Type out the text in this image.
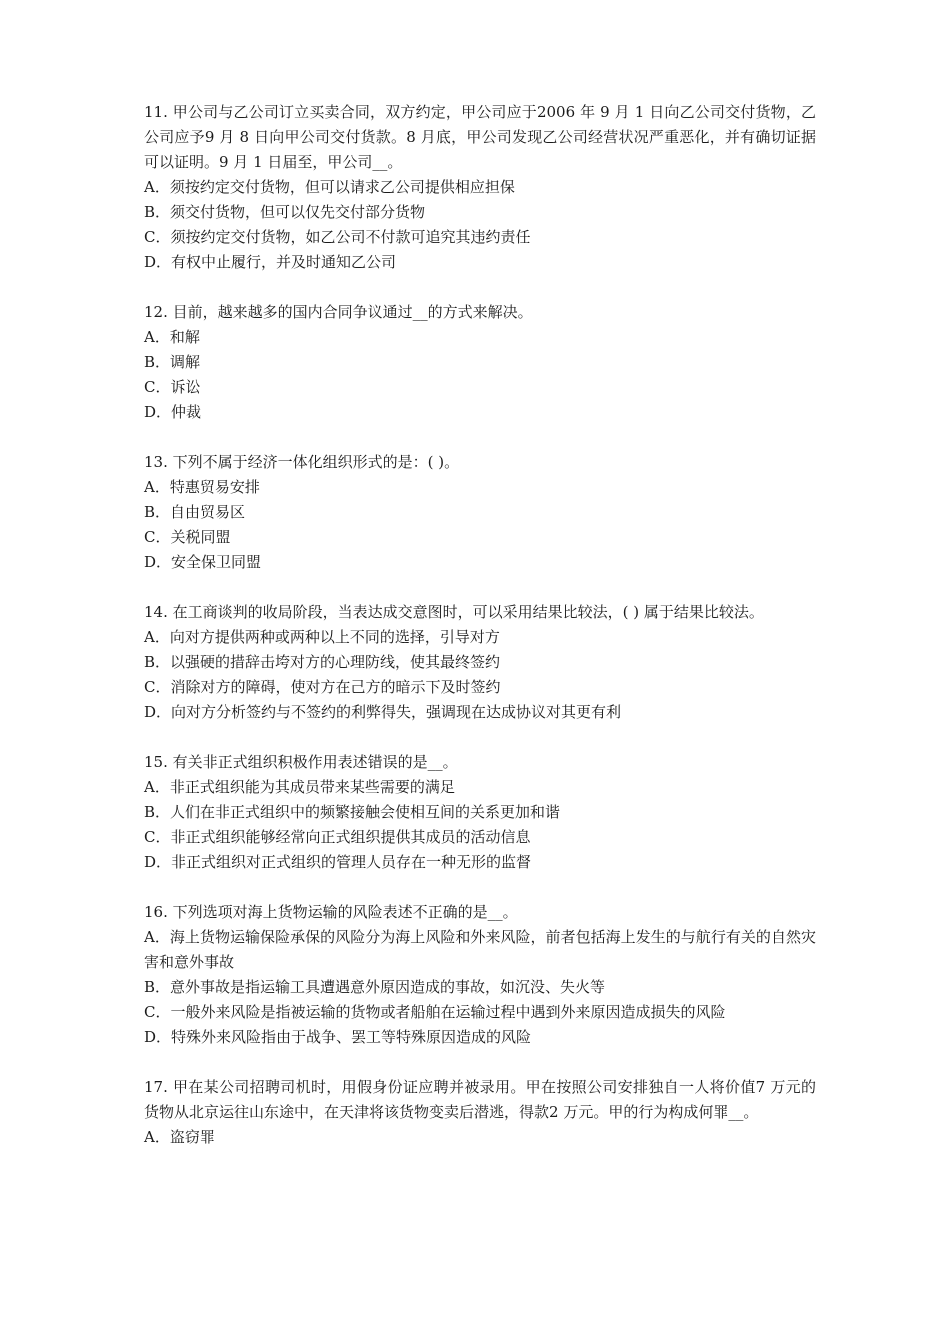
11. 甲公司与乙公司订立买卖合同，双方约定，甲公司应于2006 年 9 月 1 日向乙公司交付货物，乙公司应予9 月 8 日向甲公司交付货款。8 月底，甲公司发现乙公司经营状况严重恶化，并有确切证据可以证明。9 月 1 日届至，甲公司__。

A．须按约定交付货物，但可以请求乙公司提供相应担保

B．须交付货物，但可以仅先交付部分货物

C．须按约定交付货物，如乙公司不付款可追究其违约责任

D．有权中止履行，并及时通知乙公司

12. 目前，越来越多的国内合同争议通过__的方式来解决。

A．和解

B．调解

C．诉讼

D．仲裁

13. 下列不属于经济一体化组织形式的是：( )。

A．特惠贸易安排

B．自由贸易区

C．关税同盟

D．安全保卫同盟

14. 在工商谈判的收局阶段，当表达成交意图时，可以采用结果比较法，( ) 属于结果比较法。

A．向对方提供两种或两种以上不同的选择，引导对方

B．以强硬的措辞击垮对方的心理防线，使其最终签约

C．消除对方的障碍，使对方在己方的暗示下及时签约

D．向对方分析签约与不签约的利弊得失，强调现在达成协议对其更有利

15. 有关非正式组织积极作用表述错误的是__。

A．非正式组织能为其成员带来某些需要的满足

B．人们在非正式组织中的频繁接触会使相互间的关系更加和谐

C．非正式组织能够经常向正式组织提供其成员的活动信息

D．非正式组织对正式组织的管理人员存在一种无形的监督

16. 下列选项对海上货物运输的风险表述不正确的是__。

A．海上货物运输保险承保的风险分为海上风险和外来风险，前者包括海上发生的与航行有关的自然灾害和意外事故

B．意外事故是指运输工具遭遇意外原因造成的事故，如沉没、失火等

C．一般外来风险是指被运输的货物或者船舶在运输过程中遇到外来原因造成损失的风险

D．特殊外来风险指由于战争、罢工等特殊原因造成的风险

17. 甲在某公司招聘司机时，用假身份证应聘并被录用。甲在按照公司安排独自一人将价值7 万元的货物从北京运往山东途中，在天津将该货物变卖后潜逃，得款2 万元。甲的行为构成何罪__。

A．盗窃罪
